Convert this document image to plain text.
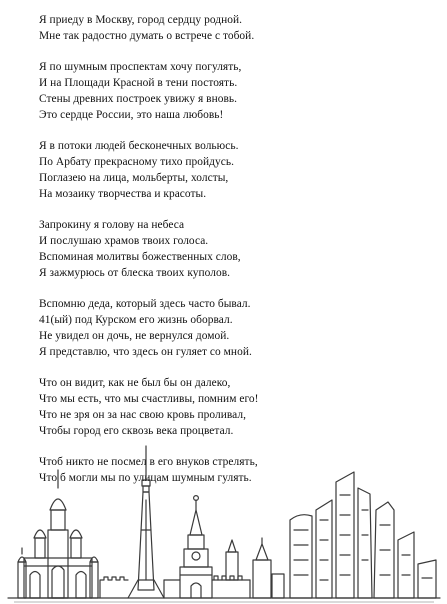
Я приеду в Москву, город сердцу родной.
Мне так радостно думать о встрече с тобой.
Я по шумным проспектам хочу погулять,
И на Площади Красной в тени постоять.
Стены древних построек увижу я вновь.
Это сердце России, это наша любовь!
Я в потоки людей бесконечных вольюсь.
По Арбату прекрасному тихо пройдусь.
Поглазею на лица, мольберты, холсты,
На мозаику творчества и красоты.
Запрокину я голову на небеса
И послушаю храмов твоих голоса.
Вспоминая молитвы божественных слов,
Я зажмурюсь от блеска твоих куполов.
Вспомню деда, который здесь часто бывал.
41(ый) под Курском его жизнь оборвал.
Не увидел он дочь, не вернулся домой.
Я представлю, что здесь он гуляет со мной.
Что он видит, как не был бы он далеко,
Что мы есть, что мы счастливы, помним его!
Что не зря он за нас свою кровь проливал,
Чтобы город его сквозь века процветал.
Чтоб никто не посмел в его внуков стрелять,
Что б могли мы по улицам шумным гулять.
